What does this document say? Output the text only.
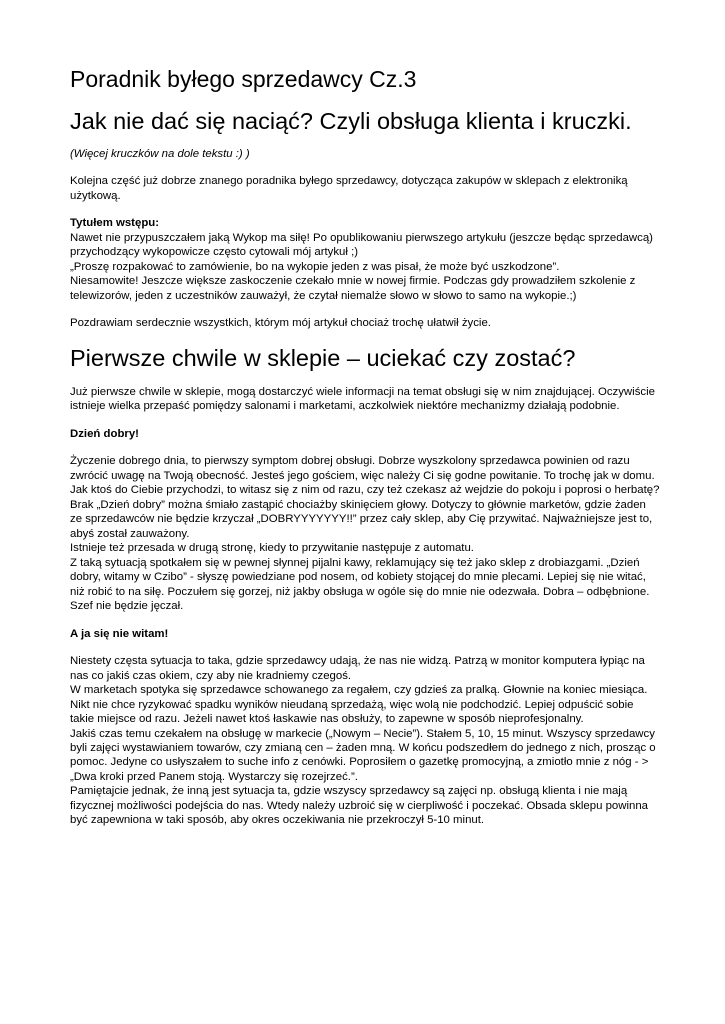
Poradnik byłego sprzedawcy Cz.3
Jak nie dać się naciąć? Czyli obsługa klienta i kruczki.
(Więcej kruczków na dole tekstu :) )

Kolejna część już dobrze znanego poradnika byłego sprzedawcy, dotycząca zakupów w sklepach z elektroniką użytkową.

Tytułem wstępu:
Nawet nie przypuszczałem jaką Wykop ma siłę! Po opublikowaniu pierwszego artykułu (jeszcze będąc sprzedawcą) przychodzący wykopowicze często cytowali mój artykuł ;)
„Proszę rozpakować to zamówienie, bo na wykopie jeden z was pisał, że może być uszkodzone”.
Niesamowite! Jeszcze większe zaskoczenie czekało mnie w nowej firmie. Podczas gdy prowadziłem szkolenie z telewizorów, jeden z uczestników zauważył, że czytał niemalże słowo w słowo to samo na wykopie.;)

Pozdrawiam serdecznie wszystkich, którym mój artykuł chociaż trochę ułatwił życie.

Pierwsze chwile w sklepie – uciekać czy zostać?

Już pierwsze chwile w sklepie, mogą dostarczyć wiele informacji na temat obsługi się w nim znajdującej. Oczywiście istnieje wielka przepaść pomiędzy salonami i marketami, aczkolwiek niektóre mechanizmy działają podobnie.

Dzień dobry!

Życzenie dobrego dnia, to pierwszy symptom dobrej obsługi. Dobrze wyszkolony sprzedawca powinien od razu zwrócić uwagę na Twoją obecność. Jesteś jego gościem, więc należy Ci się godne powitanie. To trochę jak w domu. Jak ktoś do Ciebie przychodzi, to witasz się z nim od razu, czy też czekasz aż wejdzie do pokoju i poprosi o herbatę?
Brak „Dzień dobry” można śmiało zastąpić chociażby skinięciem głowy. Dotyczy to głównie marketów, gdzie żaden ze sprzedawców nie będzie krzyczał „DOBRYYYYYYY!!” przez cały sklep, aby Cię przywitać. Najważniejsze jest to, abyś został zauważony.
Istnieje też przesada w drugą stronę, kiedy to przywitanie następuje z automatu.
Z taką sytuacją spotkałem się w pewnej słynnej pijalni kawy, reklamujący się też jako sklep z drobiazgami. „Dzień dobry, witamy w Czibo” - słyszę powiedziane pod nosem, od kobiety stojącej do mnie plecami. Lepiej się nie witać, niż robić to na siłę. Poczułem się gorzej, niż jakby obsługa w ogóle się do mnie nie odezwała. Dobra – odbębnione. Szef nie będzie jęczał.

A ja się nie witam!

Niestety częsta sytuacja to taka, gdzie sprzedawcy udają, że nas nie widzą. Patrzą w monitor komputera łypiąc na nas co jakiś czas okiem, czy aby nie kradniemy czegoś.
W marketach spotyka się sprzedawce schowanego za regałem, czy gdzieś za pralką. Głownie na koniec miesiąca. Nikt nie chce ryzykować spadku wyników nieudaną sprzedażą, więc wolą nie podchodzić. Lepiej odpuścić sobie takie miejsce od razu. Jeżeli nawet ktoś łaskawie nas obsłuży, to zapewne w sposób nieprofesjonalny.
Jakiś czas temu czekałem na obsługę w markecie („Nowym – Necie”). Stałem 5, 10, 15 minut. Wszyscy sprzedawcy byli zajęci wystawianiem towarów, czy zmianą cen – żaden mną. W końcu podszedłem do jednego z nich, prosząc o pomoc. Jedyne co usłyszałem to suche info z cenówki. Poprosiłem o gazetkę promocyjną, a zmiotło mnie z nóg - > „Dwa kroki przed Panem stoją. Wystarczy się rozejrzeć.”.
Pamiętajcie jednak, że inną jest sytuacja ta, gdzie wszyscy sprzedawcy są zajęci np. obsługą klienta i nie mają fizycznej możliwości podejścia do nas. Wtedy należy uzbroić się w cierpliwość i poczekać. Obsada sklepu powinna być zapewniona w taki sposób, aby okres oczekiwania nie przekroczył 5-10 minut.
